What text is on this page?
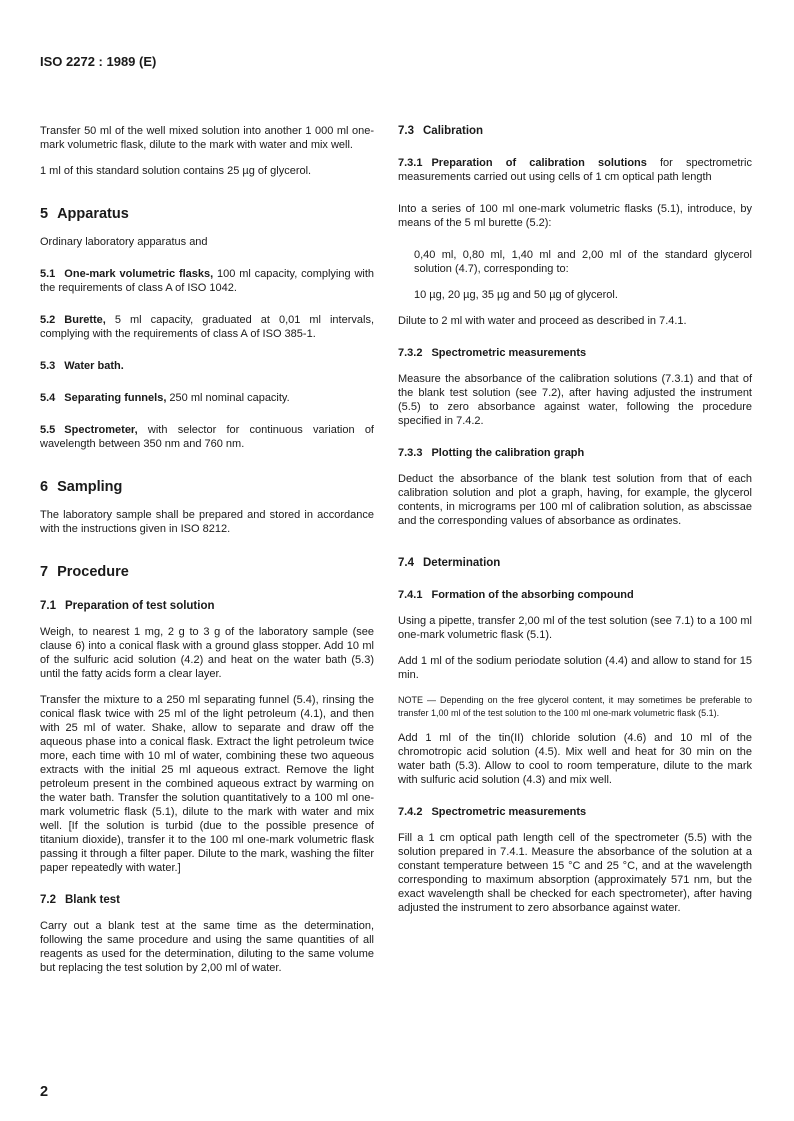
ISO 2272 : 1989 (E)

Transfer 50 ml of the well mixed solution into another 1 000 ml one-mark volumetric flask, dilute to the mark with water and mix well.

1 ml of this standard solution contains 25 µg of glycerol.

5 Apparatus

Ordinary laboratory apparatus and

5.1 One-mark volumetric flasks, 100 ml capacity, complying with the requirements of class A of ISO 1042.

5.2 Burette, 5 ml capacity, graduated at 0,01 ml intervals, complying with the requirements of class A of ISO 385-1.

5.3 Water bath.

5.4 Separating funnels, 250 ml nominal capacity.

5.5 Spectrometer, with selector for continuous variation of wavelength between 350 nm and 760 nm.

6 Sampling

The laboratory sample shall be prepared and stored in accordance with the instructions given in ISO 8212.

7 Procedure
7.1 Preparation of test solution

Weigh, to nearest 1 mg, 2 g to 3 g of the laboratory sample (see clause 6) into a conical flask with a ground glass stopper. Add 10 ml of the sulfuric acid solution (4.2) and heat on the water bath (5.3) until the fatty acids form a clear layer.

Transfer the mixture to a 250 ml separating funnel (5.4), rinsing the conical flask twice with 25 ml of the light petroleum (4.1), and then with 25 ml of water. Shake, allow to separate and draw off the aqueous phase into a conical flask. Extract the light petroleum twice more, each time with 10 ml of water, combining these two aqueous extracts with the initial 25 ml aqueous extract. Remove the light petroleum present in the combined aqueous extract by warming on the water bath. Transfer the solution quantitatively to a 100 ml one-mark volumetric flask (5.1), dilute to the mark with water and mix well. [If the solution is turbid (due to the possible presence of titanium dioxide), transfer it to the 100 ml one-mark volumetric flask passing it through a filter paper. Dilute to the mark, washing the filter paper repeatedly with water.]

7.2 Blank test

Carry out a blank test at the same time as the determination, following the same procedure and using the same quantities of all reagents as used for the determination, diluting to the same volume but replacing the test solution by 2,00 ml of water.

7.3 Calibration

7.3.1 Preparation of calibration solutions for spectrometric measurements carried out using cells of 1 cm optical path length

Into a series of 100 ml one-mark volumetric flasks (5.1), introduce, by means of the 5 ml burette (5.2):

0,40 ml, 0,80 ml, 1,40 ml and 2,00 ml of the standard glycerol solution (4.7), corresponding to:

10 µg, 20 µg, 35 µg and 50 µg of glycerol.

Dilute to 2 ml with water and proceed as described in 7.4.1.

7.3.2 Spectrometric measurements

Measure the absorbance of the calibration solutions (7.3.1) and that of the blank test solution (see 7.2), after having adjusted the instrument (5.5) to zero absorbance against water, following the procedure specified in 7.4.2.

7.3.3 Plotting the calibration graph

Deduct the absorbance of the blank test solution from that of each calibration solution and plot a graph, having, for example, the glycerol contents, in micrograms per 100 ml of calibration solution, as abscissae and the corresponding values of absorbance as ordinates.

7.4 Determination
7.4.1 Formation of the absorbing compound

Using a pipette, transfer 2,00 ml of the test solution (see 7.1) to a 100 ml one-mark volumetric flask (5.1).

Add 1 ml of the sodium periodate solution (4.4) and allow to stand for 15 min.

NOTE — Depending on the free glycerol content, it may sometimes be preferable to transfer 1,00 ml of the test solution to the 100 ml one-mark volumetric flask (5.1).

Add 1 ml of the tin(II) chloride solution (4.6) and 10 ml of the chromotropic acid solution (4.5). Mix well and heat for 30 min on the water bath (5.3). Allow to cool to room temperature, dilute to the mark with sulfuric acid solution (4.3) and mix well.

7.4.2 Spectrometric measurements

Fill a 1 cm optical path length cell of the spectrometer (5.5) with the solution prepared in 7.4.1. Measure the absorbance of the solution at a constant temperature between 15 °C and 25 °C, and at the wavelength corresponding to maximum absorption (approximately 571 nm, but the exact wavelength shall be checked for each spectrometer), after having adjusted the instrument to zero absorbance against water.

2
